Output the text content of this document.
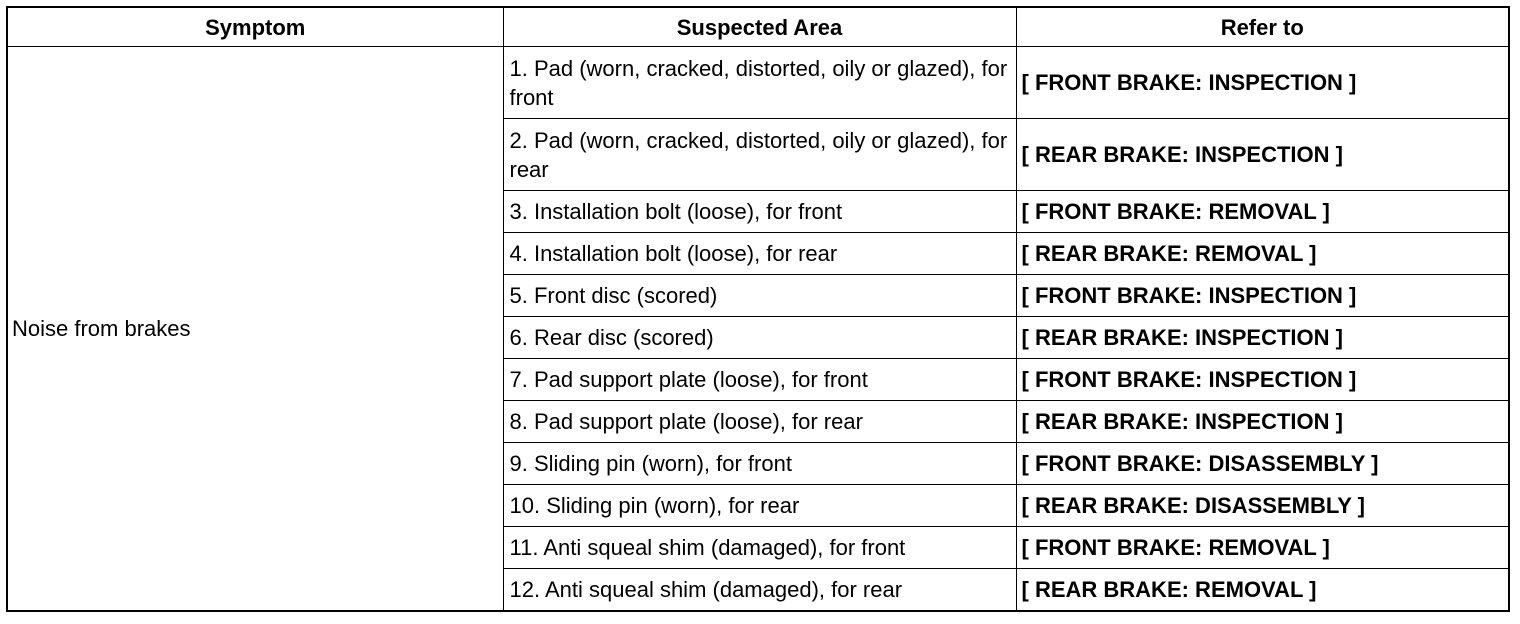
Symptom	Suspected Area	Refer to
Noise from brakes	1. Pad (worn, cracked, distorted, oily or glazed), for front	[ FRONT BRAKE: INSPECTION ]
	2. Pad (worn, cracked, distorted, oily or glazed), for rear	[ REAR BRAKE: INSPECTION ]
	3. Installation bolt (loose), for front	[ FRONT BRAKE: REMOVAL ]
	4. Installation bolt (loose), for rear	[ REAR BRAKE: REMOVAL ]
	5. Front disc (scored)	[ FRONT BRAKE: INSPECTION ]
	6. Rear disc (scored)	[ REAR BRAKE: INSPECTION ]
	7. Pad support plate (loose), for front	[ FRONT BRAKE: INSPECTION ]
	8. Pad support plate (loose), for rear	[ REAR BRAKE: INSPECTION ]
	9. Sliding pin (worn), for front	[ FRONT BRAKE: DISASSEMBLY ]
	10. Sliding pin (worn), for rear	[ REAR BRAKE: DISASSEMBLY ]
	11. Anti squeal shim (damaged), for front	[ FRONT BRAKE: REMOVAL ]
	12. Anti squeal shim (damaged), for rear	[ REAR BRAKE: REMOVAL ]
